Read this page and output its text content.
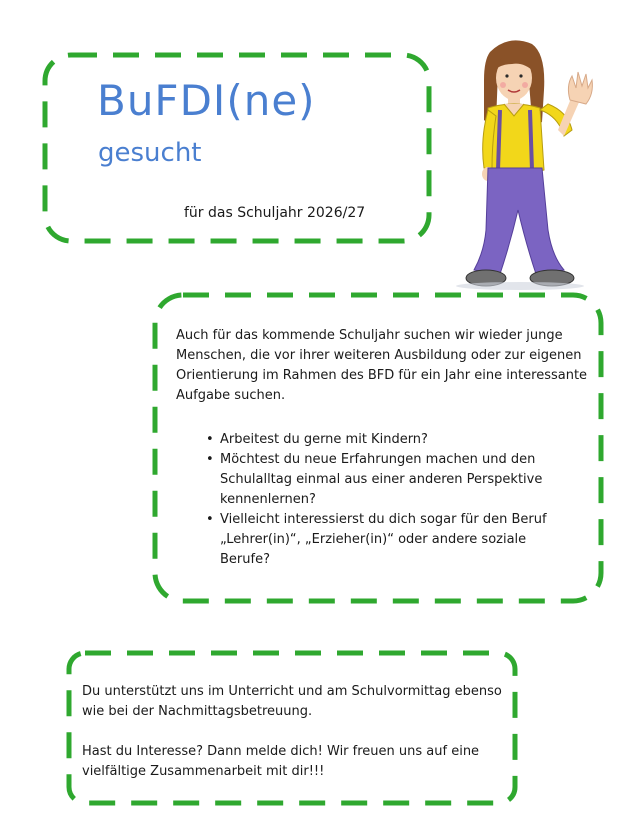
BuFDI(ne)
gesucht
für das Schuljahr 2026/27
Auch für das kommende Schuljahr suchen wir wieder junge Menschen, die vor ihrer weiteren Ausbildung oder zur eigenen Orientierung im Rahmen des BFD für ein Jahr eine interessante Aufgabe suchen.
• Arbeitest du gerne mit Kindern?
• Möchtest du neue Erfahrungen machen und den Schulalltag einmal aus einer anderen Perspektive kennenlernen?
• Vielleicht interessierst du dich sogar für den Beruf „Lehrer(in)“, „Erzieher(in)“ oder andere soziale Berufe?

Du unterstützt uns im Unterricht und am Schulvormittag ebenso wie bei der Nachmittagsbetreuung.

Hast du Interesse? Dann melde dich! Wir freuen uns auf eine vielfältige Zusammenarbeit mit dir!!!
